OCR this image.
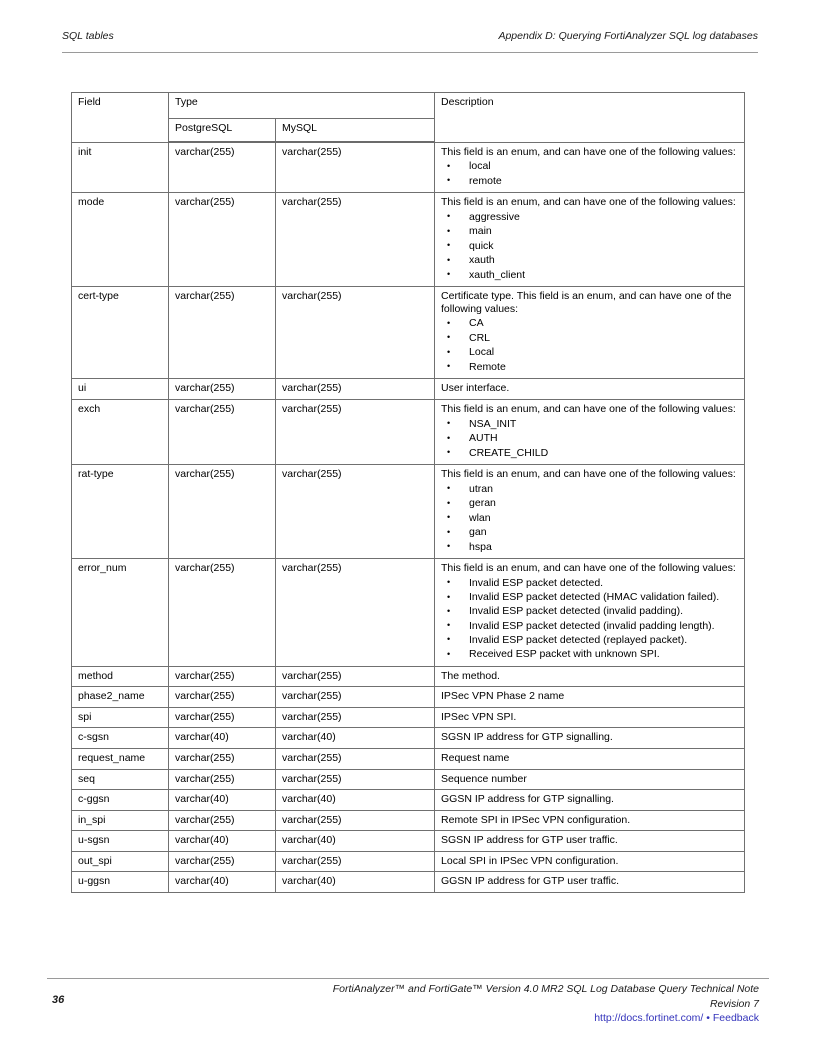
SQL tables	Appendix D: Querying FortiAnalyzer SQL log databases
Field	Type		Description
	PostgreSQL	MySQL	
init	varchar(255)	varchar(255)	This field is an enum, and can have one of the following values:
• local
• remote

mode	varchar(255)	varchar(255)	This field is an enum, and can have one of the following values:
• aggressive
• main
• quick
• xauth
• xauth_client

cert-type	varchar(255)	varchar(255)	Certificate type. This field is an enum, and can have one of the following values:
• CA
• CRL
• Local
• Remote

ui	varchar(255)	varchar(255)	User interface.

exch	varchar(255)	varchar(255)	This field is an enum, and can have one of the following values:
• NSA_INIT
• AUTH
• CREATE_CHILD

rat-type	varchar(255)	varchar(255)	This field is an enum, and can have one of the following values:
• utran
• geran
• wlan
• gan
• hspa

error_num	varchar(255)	varchar(255)	This field is an enum, and can have one of the following values:
• Invalid ESP packet detected.
• Invalid ESP packet detected (HMAC validation failed).
• Invalid ESP packet detected (invalid padding).
• Invalid ESP packet detected (invalid padding length).
• Invalid ESP packet detected (replayed packet).
• Received ESP packet with unknown SPI.

method	varchar(255)	varchar(255)	The method.

phase2_name	varchar(255)	varchar(255)	IPSec VPN Phase 2 name

spi	varchar(255)	varchar(255)	IPSec VPN SPI.

c-sgsn	varchar(40)	varchar(40)	SGSN IP address for GTP signalling.

request_name	varchar(255)	varchar(255)	Request name

seq	varchar(255)	varchar(255)	Sequence number

c-ggsn	varchar(40)	varchar(40)	GGSN IP address for GTP signalling.

in_spi	varchar(255)	varchar(255)	Remote SPI in IPSec VPN configuration.

u-sgsn	varchar(40)	varchar(40)	SGSN IP address for GTP user traffic.

out_spi	varchar(255)	varchar(255)	Local SPI in IPSec VPN configuration.

u-ggsn	varchar(40)	varchar(40)	GGSN IP address for GTP user traffic.
36
FortiAnalyzer™ and FortiGate™ Version 4.0 MR2 SQL Log Database Query Technical Note
Revision 7
http://docs.fortinet.com/ • Feedback
